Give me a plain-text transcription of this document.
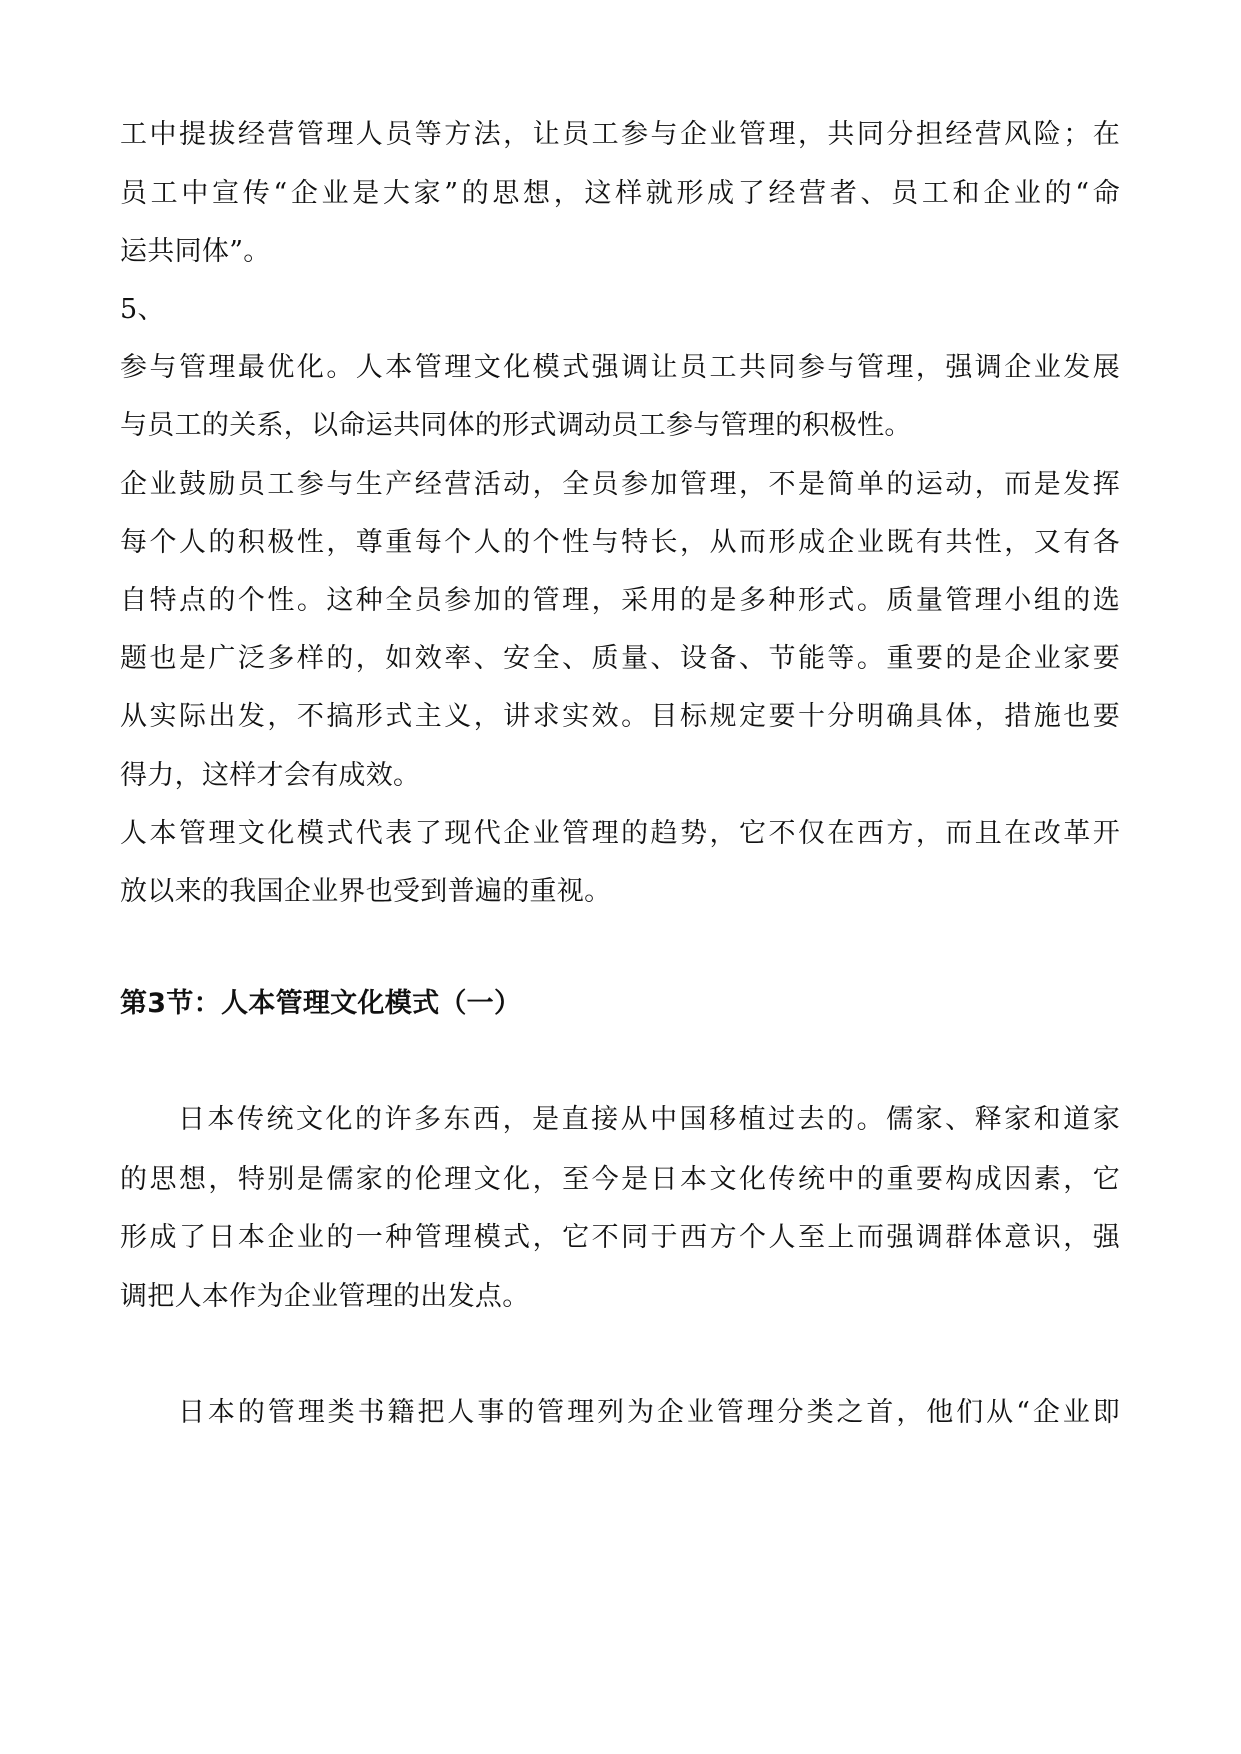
工中提拔经营管理人员等方法，让员工参与企业管理，共同分担经营风险；在
员工中宣传“企业是大家”的思想，这样就形成了经营者、员工和企业的“命
运共同体”。
5、
参与管理最优化。人本管理文化模式强调让员工共同参与管理，强调企业发展
与员工的关系，以命运共同体的形式调动员工参与管理的积极性。
企业鼓励员工参与生产经营活动，全员参加管理，不是简单的运动，而是发挥
每个人的积极性，尊重每个人的个性与特长，从而形成企业既有共性，又有各
自特点的个性。这种全员参加的管理，采用的是多种形式。质量管理小组的选
题也是广泛多样的，如效率、安全、质量、设备、节能等。重要的是企业家要
从实际出发，不搞形式主义，讲求实效。目标规定要十分明确具体，措施也要
得力，这样才会有成效。
人本管理文化模式代表了现代企业管理的趋势，它不仅在西方，而且在改革开
放以来的我国企业界也受到普遍的重视。
第3节：人本管理文化模式（一）
日本传统文化的许多东西，是直接从中国移植过去的。儒家、释家和道家
的思想，特别是儒家的伦理文化，至今是日本文化传统中的重要构成因素，它
形成了日本企业的一种管理模式，它不同于西方个人至上而强调群体意识，强
调把人本作为企业管理的出发点。
日本的管理类书籍把人事的管理列为企业管理分类之首，他们从“企业即
